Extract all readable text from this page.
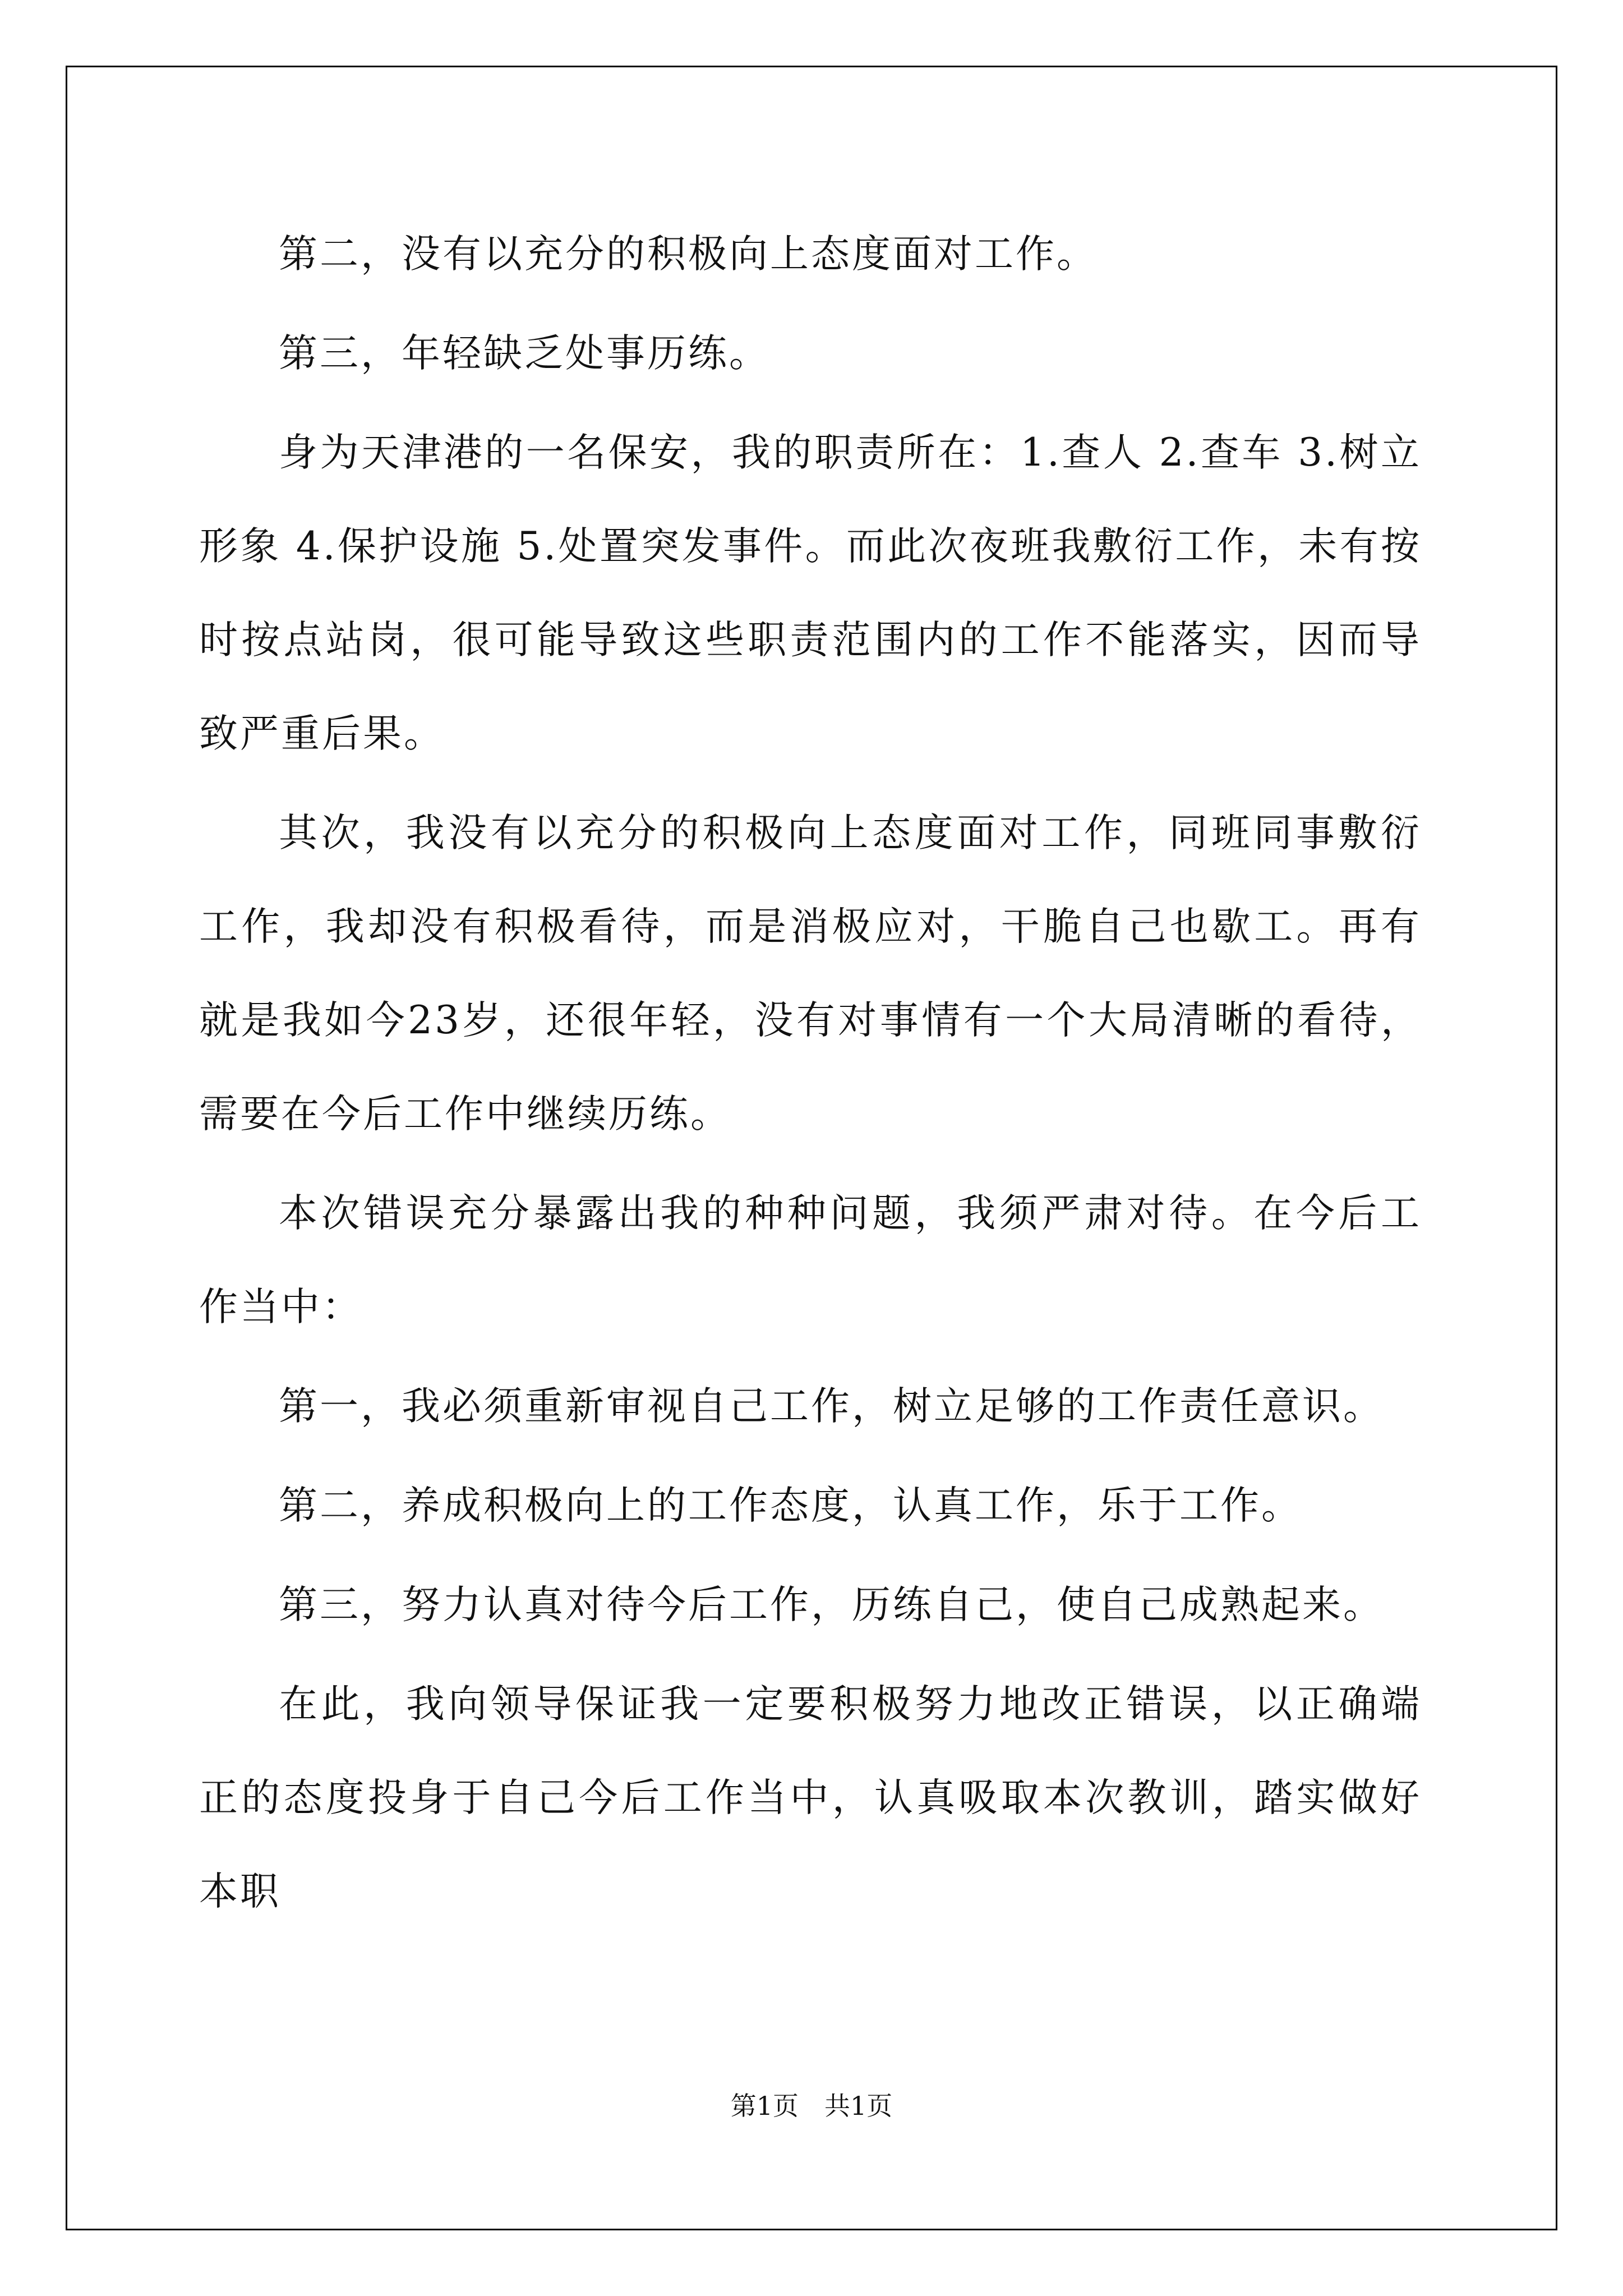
第二，没有以充分的积极向上态度面对工作。

第三，年轻缺乏处事历练。

身为天津港的一名保安，我的职责所在：1.查人 2.查车 3.树立形象 4.保护设施 5.处置突发事件。而此次夜班我敷衍工作，未有按时按点站岗，很可能导致这些职责范围内的工作不能落实，因而导致严重后果。

其次，我没有以充分的积极向上态度面对工作，同班同事敷衍工作，我却没有积极看待，而是消极应对，干脆自己也歇工。再有就是我如今23岁，还很年轻，没有对事情有一个大局清晰的看待，需要在今后工作中继续历练。

本次错误充分暴露出我的种种问题，我须严肃对待。在今后工作当中：

第一，我必须重新审视自己工作，树立足够的工作责任意识。

第二，养成积极向上的工作态度，认真工作，乐于工作。

第三，努力认真对待今后工作，历练自己，使自己成熟起来。

在此，我向领导保证我一定要积极努力地改正错误，以正确端正的态度投身于自己今后工作当中，认真吸取本次教训，踏实做好本职

第1页　共1页
